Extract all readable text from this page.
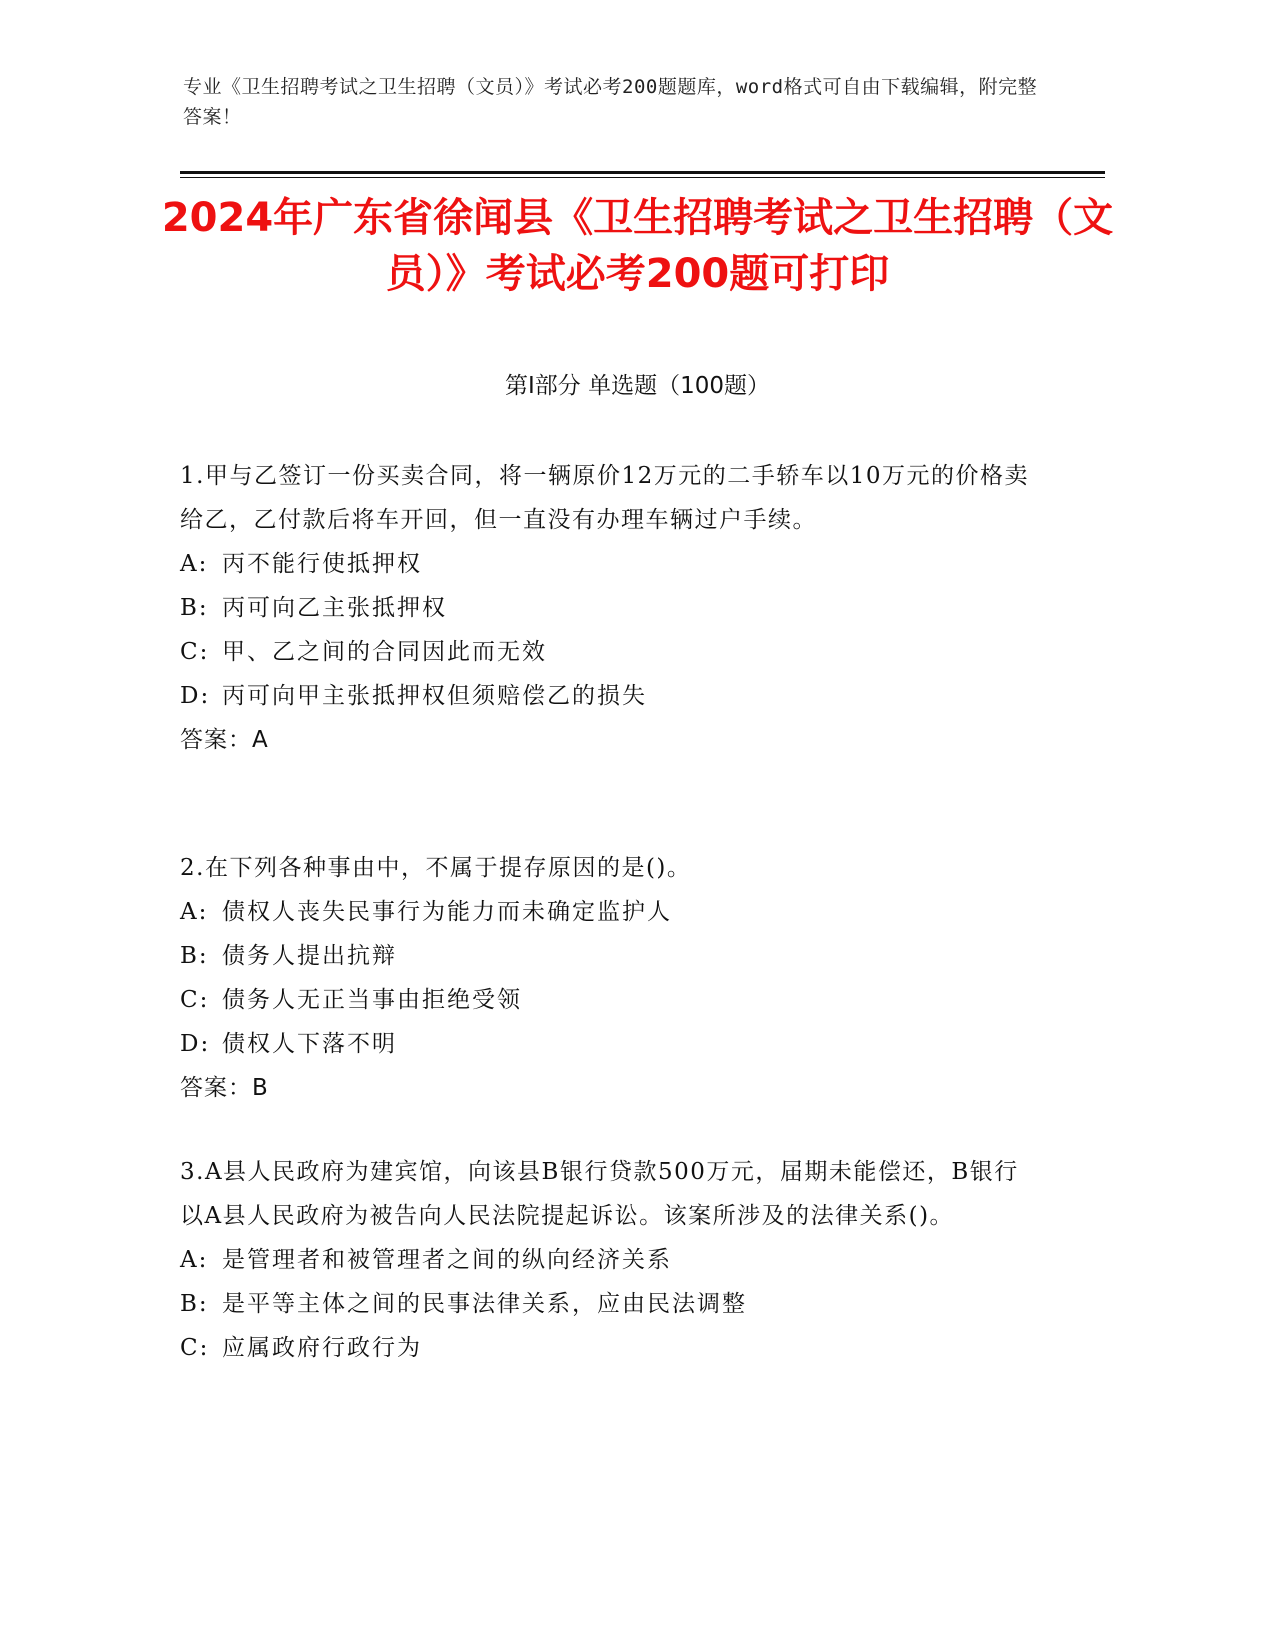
专业《卫生招聘考试之卫生招聘（文员）》考试必考200题题库，word格式可自由下载编辑，附完整答案！
2024年广东省徐闻县《卫生招聘考试之卫生招聘（文员）》考试必考200题可打印
第I部分 单选题（100题）
1.甲与乙签订一份买卖合同，将一辆原价12万元的二手轿车以10万元的价格卖给乙，乙付款后将车开回，但一直没有办理车辆过户手续。
A: 丙不能行使抵押权
B: 丙可向乙主张抵押权
C: 甲、乙之间的合同因此而无效
D: 丙可向甲主张抵押权但须赔偿乙的损失
答案：A
2.在下列各种事由中，不属于提存原因的是()。
A: 债权人丧失民事行为能力而未确定监护人
B: 债务人提出抗辩
C: 债务人无正当事由拒绝受领
D: 债权人下落不明
答案：B
3.A县人民政府为建宾馆，向该县B银行贷款500万元，届期未能偿还，B银行以A县人民政府为被告向人民法院提起诉讼。该案所涉及的法律关系()。
A: 是管理者和被管理者之间的纵向经济关系
B: 是平等主体之间的民事法律关系，应由民法调整
C: 应属政府行政行为
